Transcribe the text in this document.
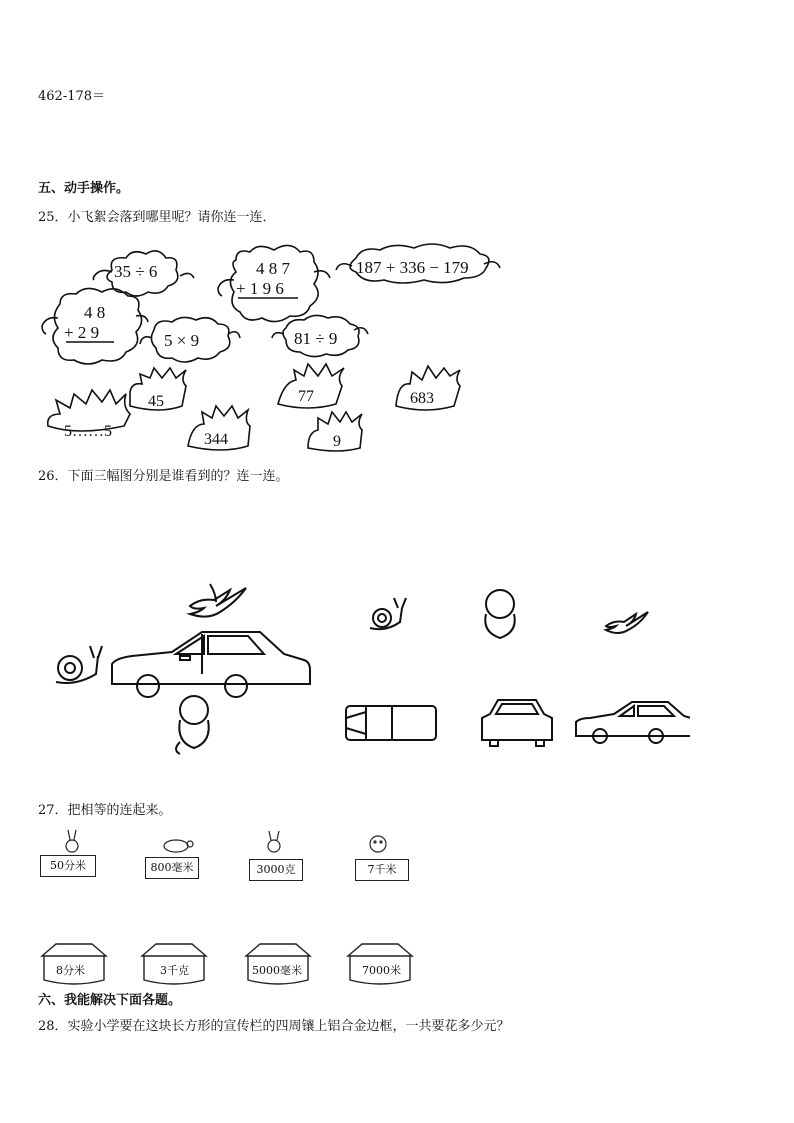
462-178＝
五、动手操作。
25．小飞絮会落到哪里呢？请你连一连．
35 ÷ 6	4 8 7
+ 1 9 6
187 + 336 − 179
4 8
+ 2 9	5 × 9	81 ÷ 9
5……5
45
344
77
9
683
26．下面三幅图分别是谁看到的？连一连。
27．把相等的连起来。
50分米	800毫米	3000克	7千米
8分米	3千克	5000毫米	7000米
六、我能解决下面各题。
28．实验小学要在这块长方形的宣传栏的四周镶上铝合金边框，一共要花多少元？
